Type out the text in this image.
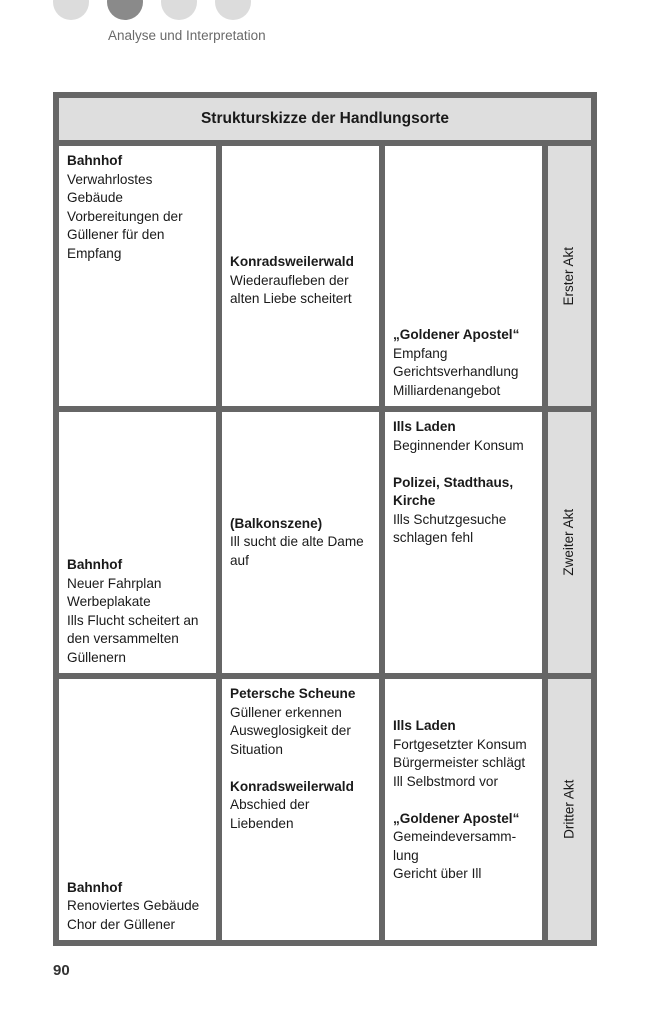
Analyse und Interpretation
Strukturskizze der Handlungsorte
Bahnhof
Verwahrlostes
Gebäude
Vorbereitungen der
Güllener für den
Empfang
Konradsweilerwald
Wiederaufleben der
alten Liebe scheitert
„Goldener Apostel“
Empfang
Gerichtsverhandlung
Milliardenangebot
Erster Akt
Bahnhof
Neuer Fahrplan
Werbeplakate
Ills Flucht scheitert an
den versammelten
Güllenern
(Balkonszene)
Ill sucht die alte Dame
auf
Ills Laden
Beginnender Konsum
Polizei, Stadthaus, Kirche
Ills Schutzgesuche
schlagen fehl	Zweiter Akt
Bahnhof
Renoviertes Gebäude
Chor der Güllener
Petersche Scheune
Güllener erkennen
Ausweglosigkeit der
Situation
Konradsweilerwald
Abschied der
Liebenden
Ills Laden
Fortgesetzter Konsum
Bürgermeister schlägt
Ill Selbstmord vor
„Goldener Apostel“
Gemeindeversamm-
lung
Gericht über Ill
Dritter Akt
90
